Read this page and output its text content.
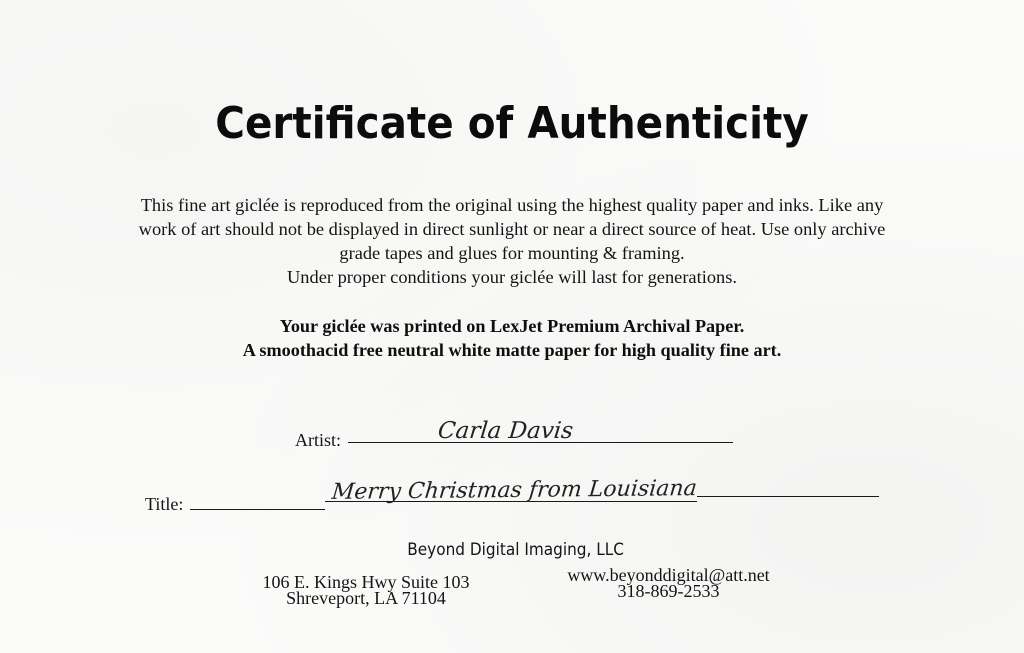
Certificate of Authenticity
This fine art giclée is reproduced from the original using the highest quality paper and inks. Like any
work of art should not be displayed in direct sunlight or near a direct source of heat. Use only archive
grade tapes and glues for mounting & framing.
Under proper conditions your giclée will last for generations.
Your giclée was printed on LexJet Premium Archival Paper.
A smoothacid free neutral white matte paper for high quality fine art.
Artist:	Carla Davis
Title:	Merry Christmas from Louisiana
Beyond Digital Imaging, LLC
106 E. Kings Hwy Suite 103
Shreveport, LA 71104
www.beyonddigital@att.net
318-869-2533
